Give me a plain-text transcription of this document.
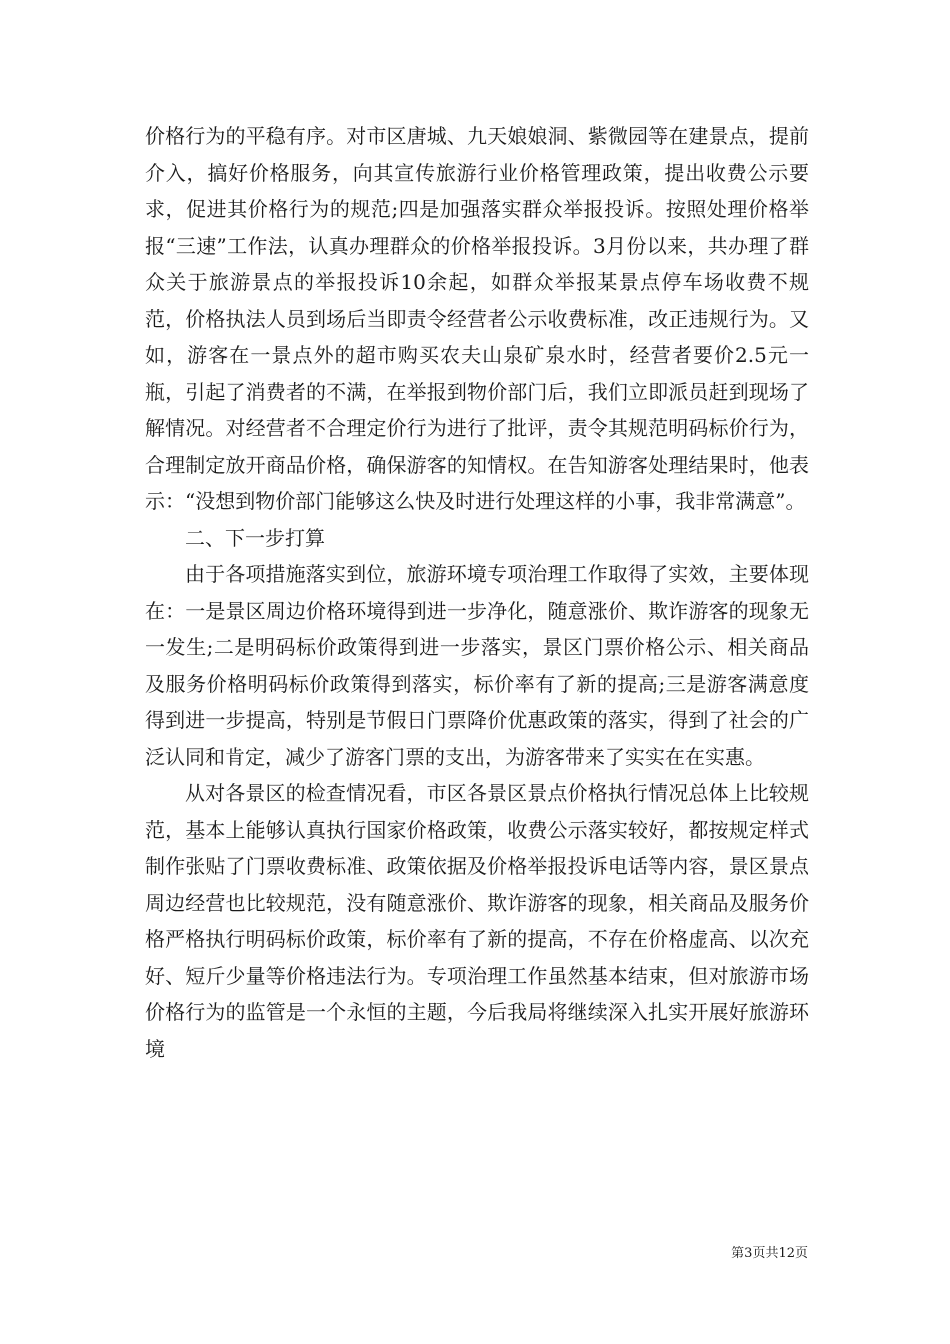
价格行为的平稳有序。对市区唐城、九天娘娘洞、紫微园等在建景点，提前介入，搞好价格服务，向其宣传旅游行业价格管理政策，提出收费公示要求，促进其价格行为的规范;四是加强落实群众举报投诉。按照处理价格举报“三速”工作法，认真办理群众的价格举报投诉。3月份以来，共办理了群众关于旅游景点的举报投诉10余起，如群众举报某景点停车场收费不规范，价格执法人员到场后当即责令经营者公示收费标准，改正违规行为。又如，游客在一景点外的超市购买农夫山泉矿泉水时，经营者要价2.5元一瓶，引起了消费者的不满，在举报到物价部门后，我们立即派员赶到现场了解情况。对经营者不合理定价行为进行了批评，责令其规范明码标价行为，合理制定放开商品价格，确保游客的知情权。在告知游客处理结果时，他表示：“没想到物价部门能够这么快及时进行处理这样的小事，我非常满意”。

二、下一步打算

由于各项措施落实到位，旅游环境专项治理工作取得了实效，主要体现在：一是景区周边价格环境得到进一步净化，随意涨价、欺诈游客的现象无一发生;二是明码标价政策得到进一步落实，景区门票价格公示、相关商品及服务价格明码标价政策得到落实，标价率有了新的提高;三是游客满意度得到进一步提高，特别是节假日门票降价优惠政策的落实，得到了社会的广泛认同和肯定，减少了游客门票的支出，为游客带来了实实在在实惠。

从对各景区的检查情况看，市区各景区景点价格执行情况总体上比较规范，基本上能够认真执行国家价格政策，收费公示落实较好，都按规定样式制作张贴了门票收费标准、政策依据及价格举报投诉电话等内容，景区景点周边经营也比较规范，没有随意涨价、欺诈游客的现象，相关商品及服务价格严格执行明码标价政策，标价率有了新的提高，不存在价格虚高、以次充好、短斤少量等价格违法行为。专项治理工作虽然基本结束，但对旅游市场价格行为的监管是一个永恒的主题，今后我局将继续深入扎实开展好旅游环境

第3页共12页
